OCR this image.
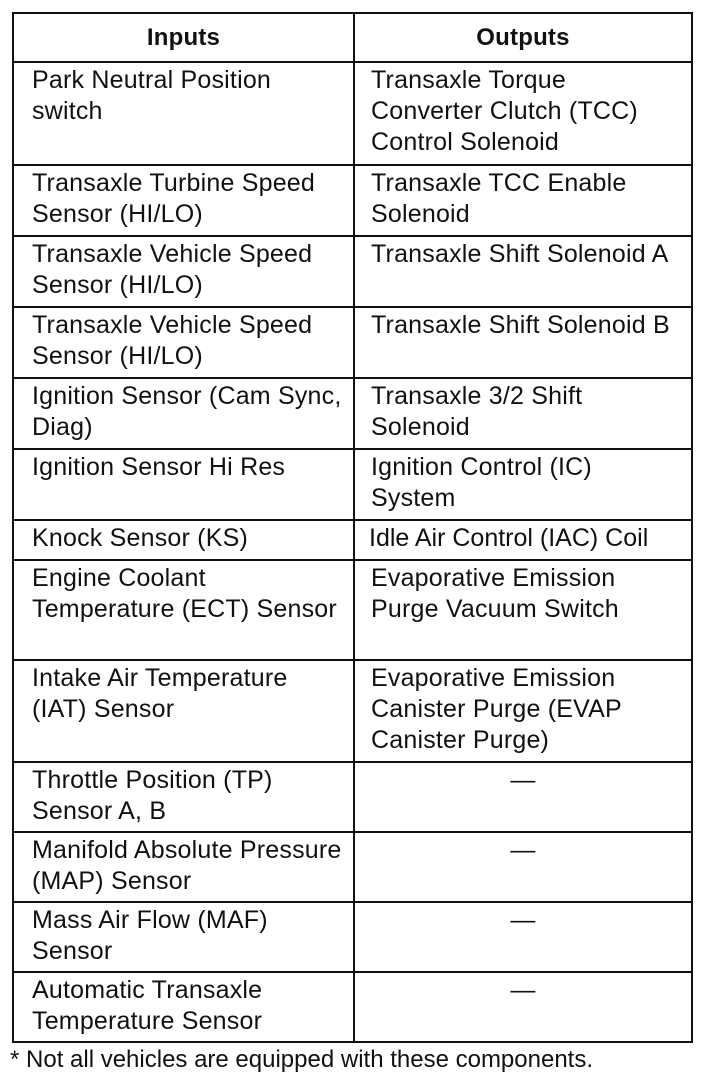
Inputs	Outputs
Park Neutral Position switch	Transaxle Torque Converter Clutch (TCC) Control Solenoid
Transaxle Turbine Speed Sensor (HI/LO)	Transaxle TCC Enable Solenoid
Transaxle Vehicle Speed Sensor (HI/LO)	Transaxle Shift Solenoid A
Transaxle Vehicle Speed Sensor (HI/LO)	Transaxle Shift Solenoid B
Ignition Sensor (Cam Sync, Diag)	Transaxle 3/2 Shift Solenoid
Ignition Sensor Hi Res	Ignition Control (IC) System
Knock Sensor (KS)	Idle Air Control (IAC) Coil
Engine Coolant Temperature (ECT) Sensor	Evaporative Emission Purge Vacuum Switch
Intake Air Temperature (IAT) Sensor	Evaporative Emission Canister Purge (EVAP Canister Purge)
Throttle Position (TP) Sensor A, B	—
Manifold Absolute Pressure (MAP) Sensor	—
Mass Air Flow (MAF) Sensor	—
Automatic Transaxle Temperature Sensor	—
* Not all vehicles are equipped with these components.
